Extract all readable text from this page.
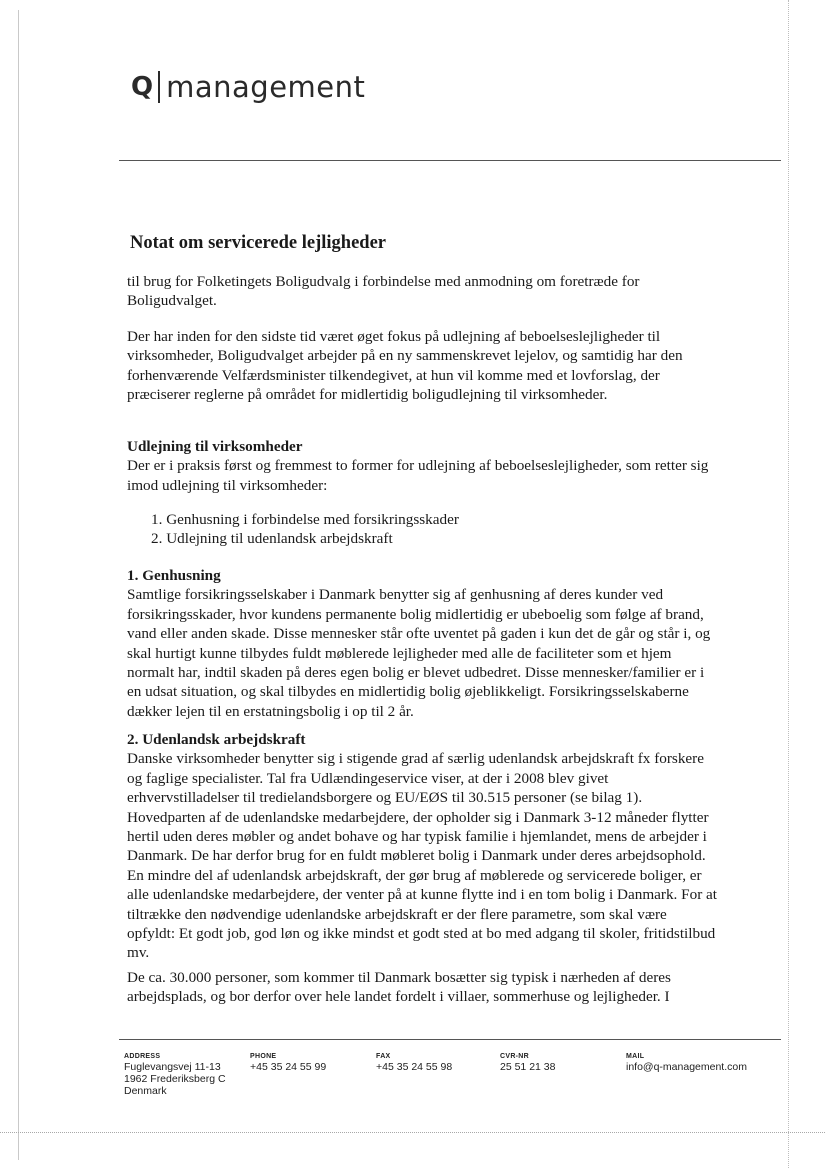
Q management
Notat om servicerede lejligheder

til brug for Folketingets Boligudvalg i forbindelse med anmodning om foretræde for Boligudvalget.

Der har inden for den sidste tid været øget fokus på udlejning af beboelseslejligheder til virksomheder, Boligudvalget arbejder på en ny sammenskrevet lejelov, og samtidig har den forhenværende Velfærdsminister tilkendegivet, at hun vil komme med et lovforslag, der præciserer reglerne på området for midlertidig boligudlejning til virksomheder.

Udlejning til virksomheder

Der er i praksis først og fremmest to former for udlejning af beboelseslejligheder, som retter sig imod udlejning til virksomheder:

1. Genhusning i forbindelse med forsikringsskader
2. Udlejning til udenlandsk arbejdskraft

1. Genhusning

Samtlige forsikringsselskaber i Danmark benytter sig af genhusning af deres kunder ved forsikringsskader, hvor kundens permanente bolig midlertidig er ubeboelig som følge af brand, vand eller anden skade. Disse mennesker står ofte uventet på gaden i kun det de går og står i, og skal hurtigt kunne tilbydes fuldt møblerede lejligheder med alle de faciliteter som et hjem normalt har, indtil skaden på deres egen bolig er blevet udbedret. Disse mennesker/familier er i en udsat situation, og skal tilbydes en midlertidig bolig øjeblikkeligt. Forsikringsselskaberne dækker lejen til en erstatningsbolig i op til 2 år.

2. Udenlandsk arbejdskraft

Danske virksomheder benytter sig i stigende grad af særlig udenlandsk arbejdskraft fx forskere og faglige specialister. Tal fra Udlændingeservice viser, at der i 2008 blev givet erhvervstilladelser til tredielandsborgere og EU/EØS til 30.515 personer (se bilag 1). Hovedparten af de udenlandske medarbejdere, der opholder sig i Danmark 3-12 måneder flytter hertil uden deres møbler og andet bohave og har typisk familie i hjemlandet, mens de arbejder i Danmark. De har derfor brug for en fuldt møbleret bolig i Danmark under deres arbejdsophold. En mindre del af udenlandsk arbejdskraft, der gør brug af møblerede og servicerede boliger, er alle udenlandske medarbejdere, der venter på at kunne flytte ind i en tom bolig i Danmark. For at tiltrække den nødvendige udenlandske arbejdskraft er der flere parametre, som skal være opfyldt: Et godt job, god løn og ikke mindst et godt sted at bo med adgang til skoler, fritidstilbud mv.

De ca. 30.000 personer, som kommer til Danmark bosætter sig typisk i nærheden af deres arbejdsplads, og bor derfor over hele landet fordelt i villaer, sommerhuse og lejligheder. I

ADDRESS
Fuglevangsvej 11-13
1962 Frederiksberg C
Denmark
PHONE
+45 35 24 55 99
FAX
+45 35 24 55 98
CVR-NR
25 51 21 38
MAIL
info@q-management.com
